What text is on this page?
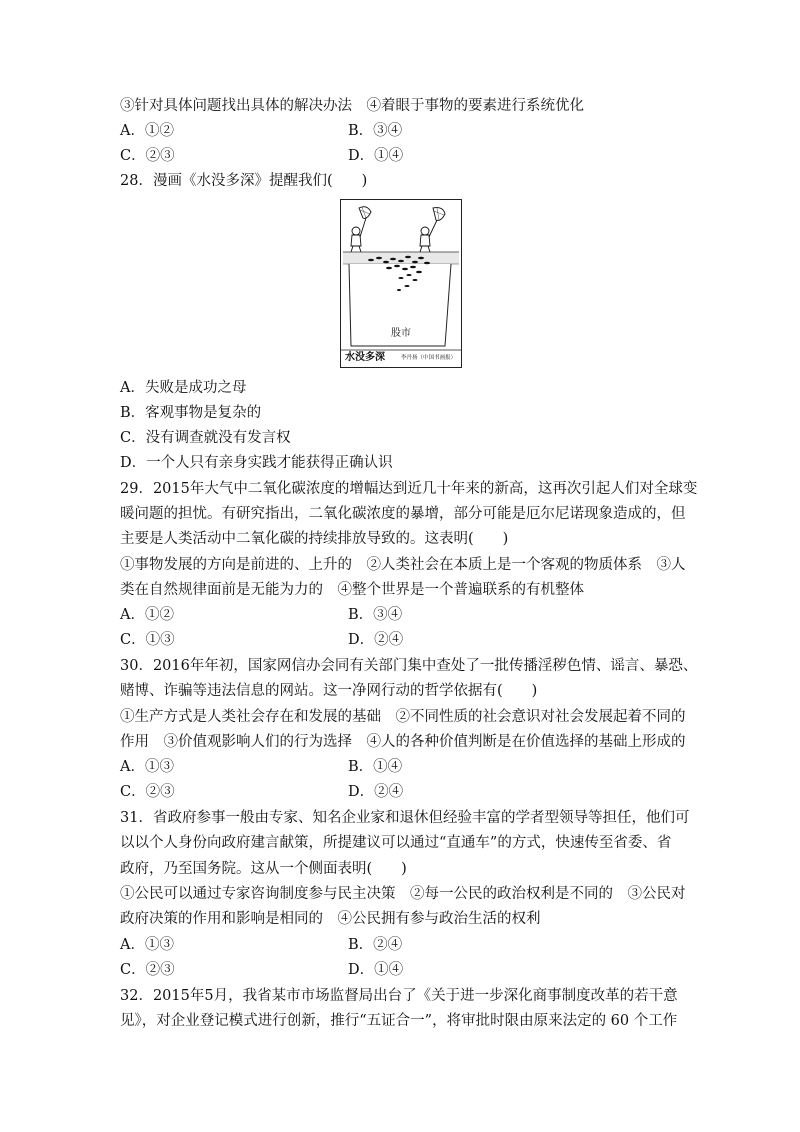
③针对具体问题找出具体的解决办法　④着眼于事物的要素进行系统优化
A．①②	B．③④
C．②③	D．①④
28．漫画《水没多深》提醒我们(　　)
股市
水没多深	李丹扬（中国书画报）
A．失败是成功之母
B．客观事物是复杂的
C．没有调查就没有发言权
D．一个人只有亲身实践才能获得正确认识
29．2015年大气中二氧化碳浓度的增幅达到近几十年来的新高，这再次引起人们对全球变
暖问题的担忧。有研究指出，二氧化碳浓度的暴增，部分可能是厄尔尼诺现象造成的，但
主要是人类活动中二氧化碳的持续排放导致的。这表明(　　)
①事物发展的方向是前进的、上升的　②人类社会在本质上是一个客观的物质体系　③人
类在自然规律面前是无能为力的　④整个世界是一个普遍联系的有机整体
A．①②	B．③④
C．①③	D．②④
30．2016年年初，国家网信办会同有关部门集中查处了一批传播淫秽色情、谣言、暴恐、
赌博、诈骗等违法信息的网站。这一净网行动的哲学依据有(　　)
①生产方式是人类社会存在和发展的基础　②不同性质的社会意识对社会发展起着不同的
作用　③价值观影响人们的行为选择　④人的各种价值判断是在价值选择的基础上形成的
A．①③	B．①④
C．②③	D．②④
31．省政府参事一般由专家、知名企业家和退休但经验丰富的学者型领导等担任，他们可
以以个人身份向政府建言献策，所提建议可以通过“直通车”的方式，快速传至省委、省
政府，乃至国务院。这从一个侧面表明(　　)
①公民可以通过专家咨询制度参与民主决策　②每一公民的政治权利是不同的　③公民对
政府决策的作用和影响是相同的　④公民拥有参与政治生活的权利
A．①③	B．②④
C．②③	D．①④
32．2015年5月，我省某市市场监督局出台了《关于进一步深化商事制度改革的若干意
见》，对企业登记模式进行创新，推行“五证合一”，将审批时限由原来法定的 60 个工作
